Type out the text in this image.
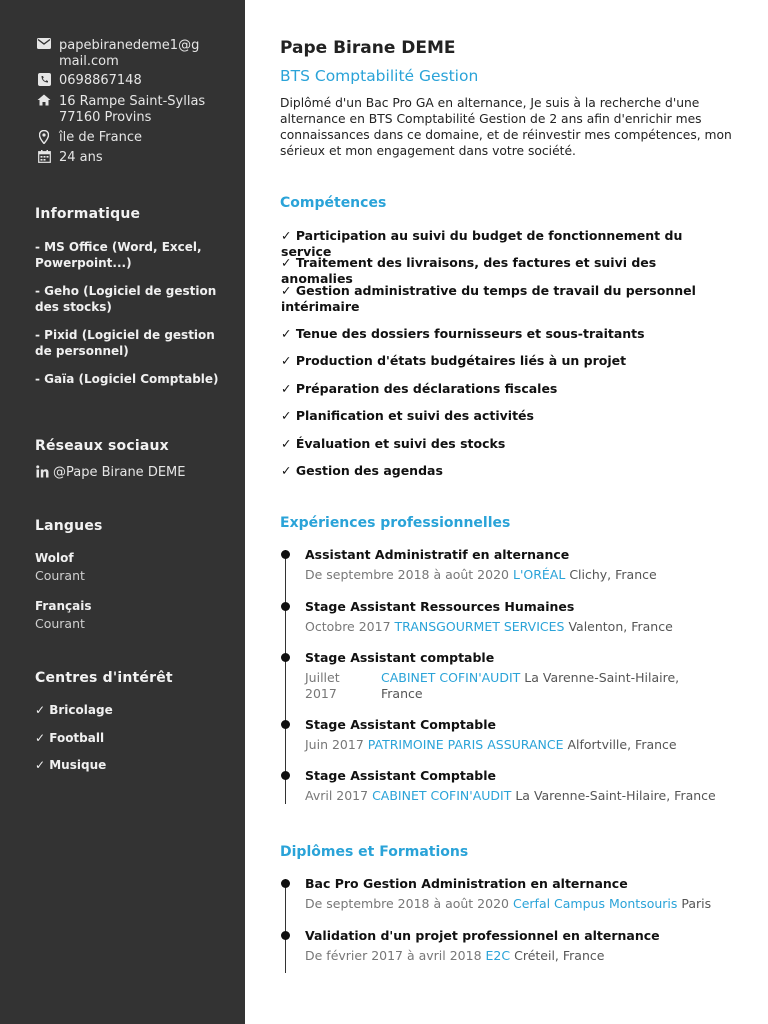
papebiranedeme1@gmail.com
0698867148
16 Rampe Saint-Syllas 77160 Provins
île de France
24 ans
Informatique
- MS Office (Word, Excel, Powerpoint...)
- Geho (Logiciel de gestion des stocks)
- Pixid (Logiciel de gestion de personnel)
- Gaïa (Logiciel Comptable)
Réseaux sociaux
@Pape Birane DEME
Langues
Wolof
Courant
Français
Courant
Centres d'intérêt
✓ Bricolage
✓ Football
✓ Musique
Pape Birane DEME
BTS Comptabilité Gestion
Diplômé d'un Bac Pro GA en alternance, Je suis à la recherche d'une alternance en BTS Comptabilité Gestion de 2 ans afin d'enrichir mes connaissances dans ce domaine, et de réinvestir mes compétences, mon sérieux et mon engagement dans votre société.
Compétences
✓ Participation au suivi du budget de fonctionnement du service
✓ Traitement des livraisons, des factures et suivi des anomalies
✓ Gestion administrative du temps de travail du personnel intérimaire
✓ Tenue des dossiers fournisseurs et sous-traitants
✓ Production d'états budgétaires liés à un projet
✓ Préparation des déclarations fiscales
✓ Planification et suivi des activités
✓ Évaluation et suivi des stocks
✓ Gestion des agendas
Expériences professionnelles
Assistant Administratif en alternance
De septembre 2018 à août 2020 L'ORÉAL Clichy, France
Stage Assistant Ressources Humaines
Octobre 2017 TRANSGOURMET SERVICES Valenton, France
Stage Assistant comptable
Juillet 2017
CABINET COFIN'AUDIT La Varenne-Saint-Hilaire, France
Stage Assistant Comptable
Juin 2017 PATRIMOINE PARIS ASSURANCE Alfortville, France
Stage Assistant Comptable
Avril 2017 CABINET COFIN'AUDIT La Varenne-Saint-Hilaire, France
Diplômes et Formations
Bac Pro Gestion Administration en alternance
De septembre 2018 à août 2020 Cerfal Campus Montsouris Paris
Validation d'un projet professionnel en alternance
De février 2017 à avril 2018 E2C Créteil, France
